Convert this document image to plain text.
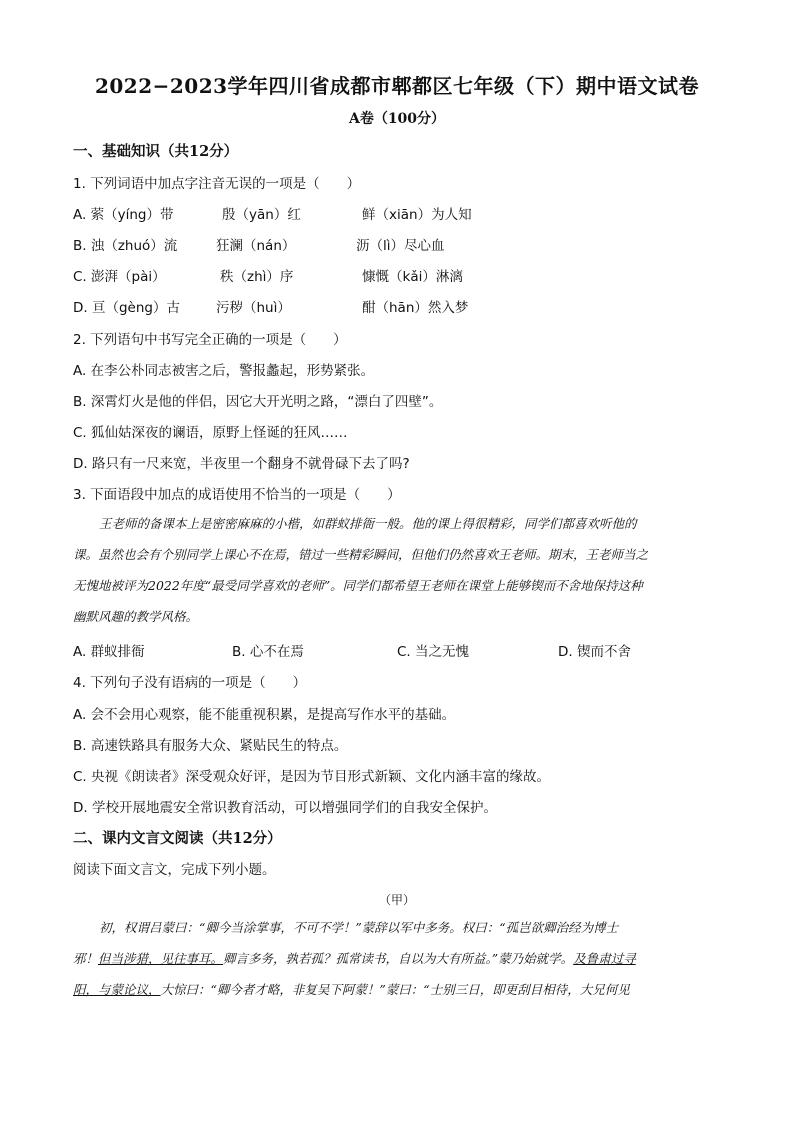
2022−2023学年四川省成都市郫都区七年级（下）期中语文试卷
A卷（100分）
一、基础知识（共12分）
1. 下列词语中加点字注音无误的一项是（　　）
A. 萦（yíng）带	殷（yān）红	鲜（xiān）为人知
B. 浊（zhuó）流	狂澜（nán）	沥（lì）尽心血
C. 澎湃（pài）	秩（zhì）序	慷慨（kǎi）淋漓
D. 亘（gèng）古	污秽（huì）	酣（hān）然入梦
2. 下列语句中书写完全正确的一项是（　　）
A. 在李公朴同志被害之后，警报蠡起，形势紧张。
B. 深霄灯火是他的伴侣，因它大开光明之路，“漂白了四壁”。
C. 狐仙姑深夜的谰语，原野上怪诞的狂风……
D. 路只有一尺来宽，半夜里一个翻身不就骨碌下去了吗?
3. 下面语段中加点的成语使用不恰当的一项是（　　）
王老师的备课本上是密密麻麻的小楷，如群蚁排衙一般。他的课上得很精彩，同学们都喜欢听他的
课。虽然也会有个别同学上课心不在焉，错过一些精彩瞬间，但他们仍然喜欢王老师。期末，王老师当之
无愧地被评为2022年度“最受同学喜欢的老师”。同学们都希望王老师在课堂上能够锲而不舍地保持这种
幽默风趣的教学风格。
A. 群蚁排衙	B. 心不在焉	C. 当之无愧	D. 锲而不舍
4. 下列句子没有语病的一项是（　　）
A. 会不会用心观察，能不能重视积累，是提高写作水平的基础。
B. 高速铁路具有服务大众、紧贴民生的特点。
C. 央视《朗读者》深受观众好评，是因为节目形式新颖、文化内涵丰富的缘故。
D. 学校开展地震安全常识教育活动，可以增强同学们的自我安全保护。
二、课内文言文阅读（共12分）
阅读下面文言文，完成下列小题。
（甲）
初，权谓吕蒙曰：“卿今当涂掌事，不可不学！”蒙辞以军中多务。权曰：“孤岂欲卿治经为博士
邪！但当涉猎，见往事耳。卿言多务，孰若孤？孤常读书，自以为大有所益。”蒙乃始就学。及鲁肃过寻
阳，与蒙论议，大惊曰：“卿今者才略，非复吴下阿蒙！”蒙曰：“士别三日，即更刮目相待，大兄何见
